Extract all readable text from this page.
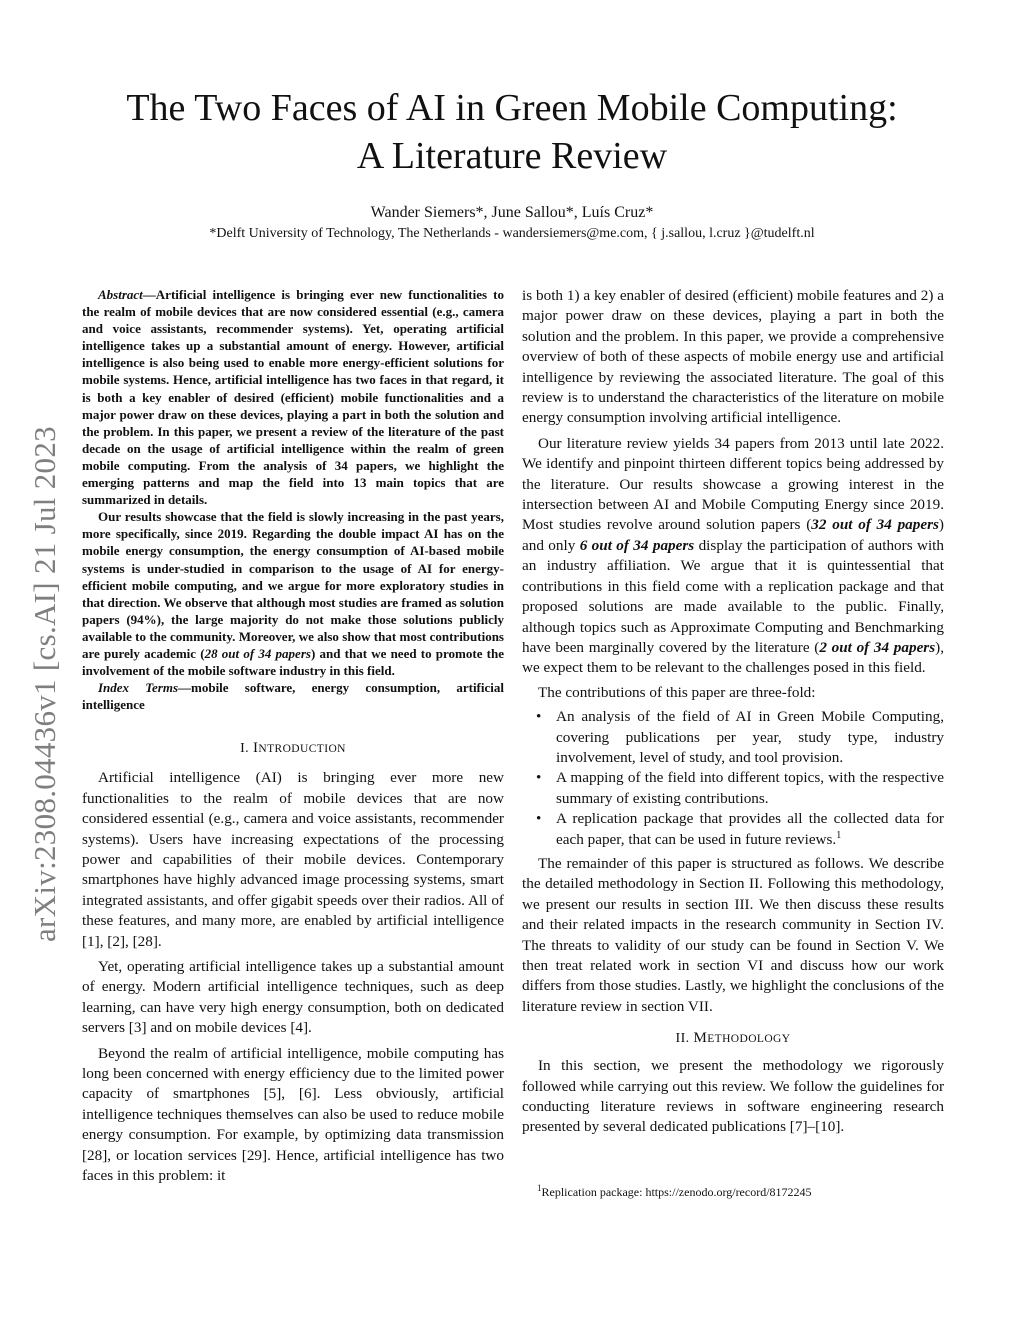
The Two Faces of AI in Green Mobile Computing:
A Literature Review
Wander Siemers*, June Sallou*, Luís Cruz*
*Delft University of Technology, The Netherlands - wandersiemers@me.com, { j.sallou, l.cruz }@tudelft.nl
arXiv:2308.04436v1 [cs.AI] 21 Jul 2023

Abstract—Artificial intelligence is bringing ever new functionalities to the realm of mobile devices that are now considered essential (e.g., camera and voice assistants, recommender systems). Yet, operating artificial intelligence takes up a substantial amount of energy. However, artificial intelligence is also being used to enable more energy-efficient solutions for mobile systems. Hence, artificial intelligence has two faces in that regard, it is both a key enabler of desired (efficient) mobile functionalities and a major power draw on these devices, playing a part in both the solution and the problem. In this paper, we present a review of the literature of the past decade on the usage of artificial intelligence within the realm of green mobile computing. From the analysis of 34 papers, we highlight the emerging patterns and map the field into 13 main topics that are summarized in details.

Our results showcase that the field is slowly increasing in the past years, more specifically, since 2019. Regarding the double impact AI has on the mobile energy consumption, the energy consumption of AI-based mobile systems is under-studied in comparison to the usage of AI for energy-efficient mobile computing, and we argue for more exploratory studies in that direction. We observe that although most studies are framed as solution papers (94%), the large majority do not make those solutions publicly available to the community. Moreover, we also show that most contributions are purely academic (28 out of 34 papers) and that we need to promote the involvement of the mobile software industry in this field.

Index Terms—mobile software, energy consumption, artificial intelligence

I. INTRODUCTION

Artificial intelligence (AI) is bringing ever more new functionalities to the realm of mobile devices that are now considered essential (e.g., camera and voice assistants, recommender systems). Users have increasing expectations of the processing power and capabilities of their mobile devices. Contemporary smartphones have highly advanced image processing systems, smart integrated assistants, and offer gigabit speeds over their radios. All of these features, and many more, are enabled by artificial intelligence [1], [2], [28].

Yet, operating artificial intelligence takes up a substantial amount of energy. Modern artificial intelligence techniques, such as deep learning, can have very high energy consumption, both on dedicated servers [3] and on mobile devices [4].

Beyond the realm of artificial intelligence, mobile computing has long been concerned with energy efficiency due to the limited power capacity of smartphones [5], [6]. Less obviously, artificial intelligence techniques themselves can also be used to reduce mobile energy consumption. For example, by optimizing data transmission [28], or location services [29]. Hence, artificial intelligence has two faces in this problem: it

is both 1) a key enabler of desired (efficient) mobile features and 2) a major power draw on these devices, playing a part in both the solution and the problem. In this paper, we provide a comprehensive overview of both of these aspects of mobile energy use and artificial intelligence by reviewing the associated literature. The goal of this review is to understand the characteristics of the literature on mobile energy consumption involving artificial intelligence.

Our literature review yields 34 papers from 2013 until late 2022. We identify and pinpoint thirteen different topics being addressed by the literature. Our results showcase a growing interest in the intersection between AI and Mobile Computing Energy since 2019. Most studies revolve around solution papers (32 out of 34 papers) and only 6 out of 34 papers display the participation of authors with an industry affiliation. We argue that it is quintessential that contributions in this field come with a replication package and that proposed solutions are made available to the public. Finally, although topics such as Approximate Computing and Benchmarking have been marginally covered by the literature (2 out of 34 papers), we expect them to be relevant to the challenges posed in this field.

The contributions of this paper are three-fold:

• An analysis of the field of AI in Green Mobile Computing, covering publications per year, study type, industry involvement, level of study, and tool provision.
• A mapping of the field into different topics, with the respective summary of existing contributions.
• A replication package that provides all the collected data for each paper, that can be used in future reviews.$^1$

The remainder of this paper is structured as follows. We describe the detailed methodology in Section II. Following this methodology, we present our results in section III. We then discuss these results and their related impacts in the research community in Section IV. The threats to validity of our study can be found in Section V. We then treat related work in section VI and discuss how our work differs from those studies. Lastly, we highlight the conclusions of the literature review in section VII.

II. METHODOLOGY

In this section, we present the methodology we rigorously followed while carrying out this review. We follow the guidelines for conducting literature reviews in software engineering research presented by several dedicated publications [7]–[10].

$^1$Replication package: https://zenodo.org/record/8172245
